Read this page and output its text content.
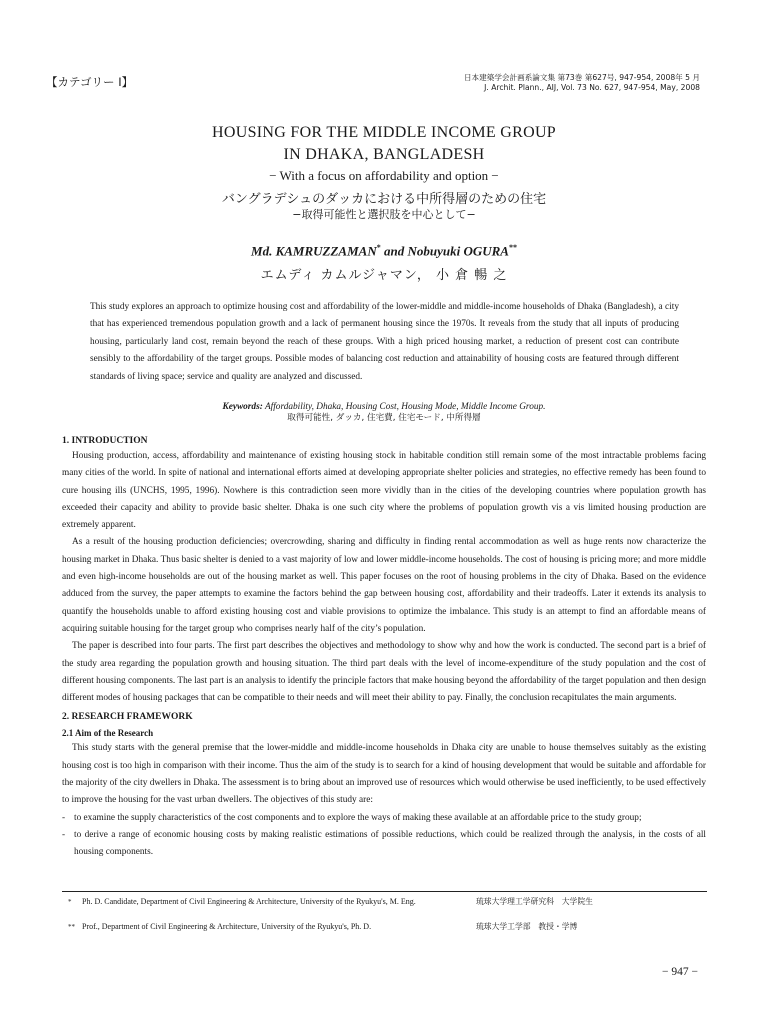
【カテゴリー Ⅰ】	日本建築学会計画系論文集 第73巻 第627号, 947-954, 2008年 5 月
J. Archit. Plann., AIJ, Vol. 73 No. 627, 947-954, May, 2008
HOUSING FOR THE MIDDLE INCOME GROUP
IN DHAKA, BANGLADESH
− With a focus on affordability and option −
バングラデシュのダッカにおける中所得層のための住宅
−取得可能性と選択肢を中心として−
Md. KAMRUZZAMAN* and Nobuyuki OGURA**
エムディ カムルジャマン， 小 倉 暢 之
This study explores an approach to optimize housing cost and affordability of the lower-middle and middle-income households of Dhaka (Bangladesh), a city that has experienced tremendous population growth and a lack of permanent housing since the 1970s. It reveals from the study that all inputs of producing housing, particularly land cost, remain beyond the reach of these groups. With a high priced housing market, a reduction of present cost can contribute sensibly to the affordability of the target groups. Possible modes of balancing cost reduction and attainability of housing costs are featured through different standards of living space; service and quality are analyzed and discussed.
Keywords: Affordability, Dhaka, Housing Cost, Housing Mode, Middle Income Group.
取得可能性, ダッカ, 住宅費, 住宅モード, 中所得層
1. INTRODUCTION

Housing production, access, affordability and maintenance of existing housing stock in habitable condition still remain some of the most intractable problems facing many cities of the world. In spite of national and international efforts aimed at developing appropriate shelter policies and strategies, no effective remedy has been found to cure housing ills (UNCHS, 1995, 1996). Nowhere is this contradiction seen more vividly than in the cities of the developing countries where population growth has exceeded their capacity and ability to provide basic shelter. Dhaka is one such city where the problems of population growth vis a vis limited housing production are extremely apparent.

As a result of the housing production deficiencies; overcrowding, sharing and difficulty in finding rental accommodation as well as huge rents now characterize the housing market in Dhaka. Thus basic shelter is denied to a vast majority of low and lower middle-income households. The cost of housing is pricing more; and more middle and even high-income households are out of the housing market as well. This paper focuses on the root of housing problems in the city of Dhaka. Based on the evidence adduced from the survey, the paper attempts to examine the factors behind the gap between housing cost, affordability and their tradeoffs. Later it extends its analysis to quantify the households unable to afford existing housing cost and viable provisions to optimize the imbalance. This study is an attempt to find an affordable means of acquiring suitable housing for the target group who comprises nearly half of the city’s population.

The paper is described into four parts. The first part describes the objectives and methodology to show why and how the work is conducted. The second part is a brief of the study area regarding the population growth and housing situation. The third part deals with the level of income-expenditure of the study population and the cost of different housing components. The last part is an analysis to identify the principle factors that make housing beyond the affordability of the target population and then design different modes of housing packages that can be compatible to their needs and will meet their ability to pay. Finally, the conclusion recapitulates the main arguments.

2. RESEARCH FRAMEWORK
2.1 Aim of the Research

This study starts with the general premise that the lower-middle and middle-income households in Dhaka city are unable to house themselves suitably as the existing housing cost is too high in comparison with their income. Thus the aim of the study is to search for a kind of housing development that would be suitable and affordable for the majority of the city dwellers in Dhaka. The assessment is to bring about an improved use of resources which would otherwise be used inefficiently, to be used effectively to improve the housing for the vast urban dwellers. The objectives of this study are:

- to examine the supply characteristics of the cost components and to explore the ways of making these available at an affordable price to the study group;
- to derive a range of economic housing costs by making realistic estimations of possible reductions, which could be realized through the analysis, in the costs of all housing components.
* Ph. D. Candidate, Department of Civil Engineering & Architecture, University of the Ryukyu's, M. Eng.	琉球大学理工学研究科　大学院生
** Prof., Department of Civil Engineering & Architecture, University of the Ryukyu's, Ph. D.	琉球大学工学部　教授・学博
− 947 −
